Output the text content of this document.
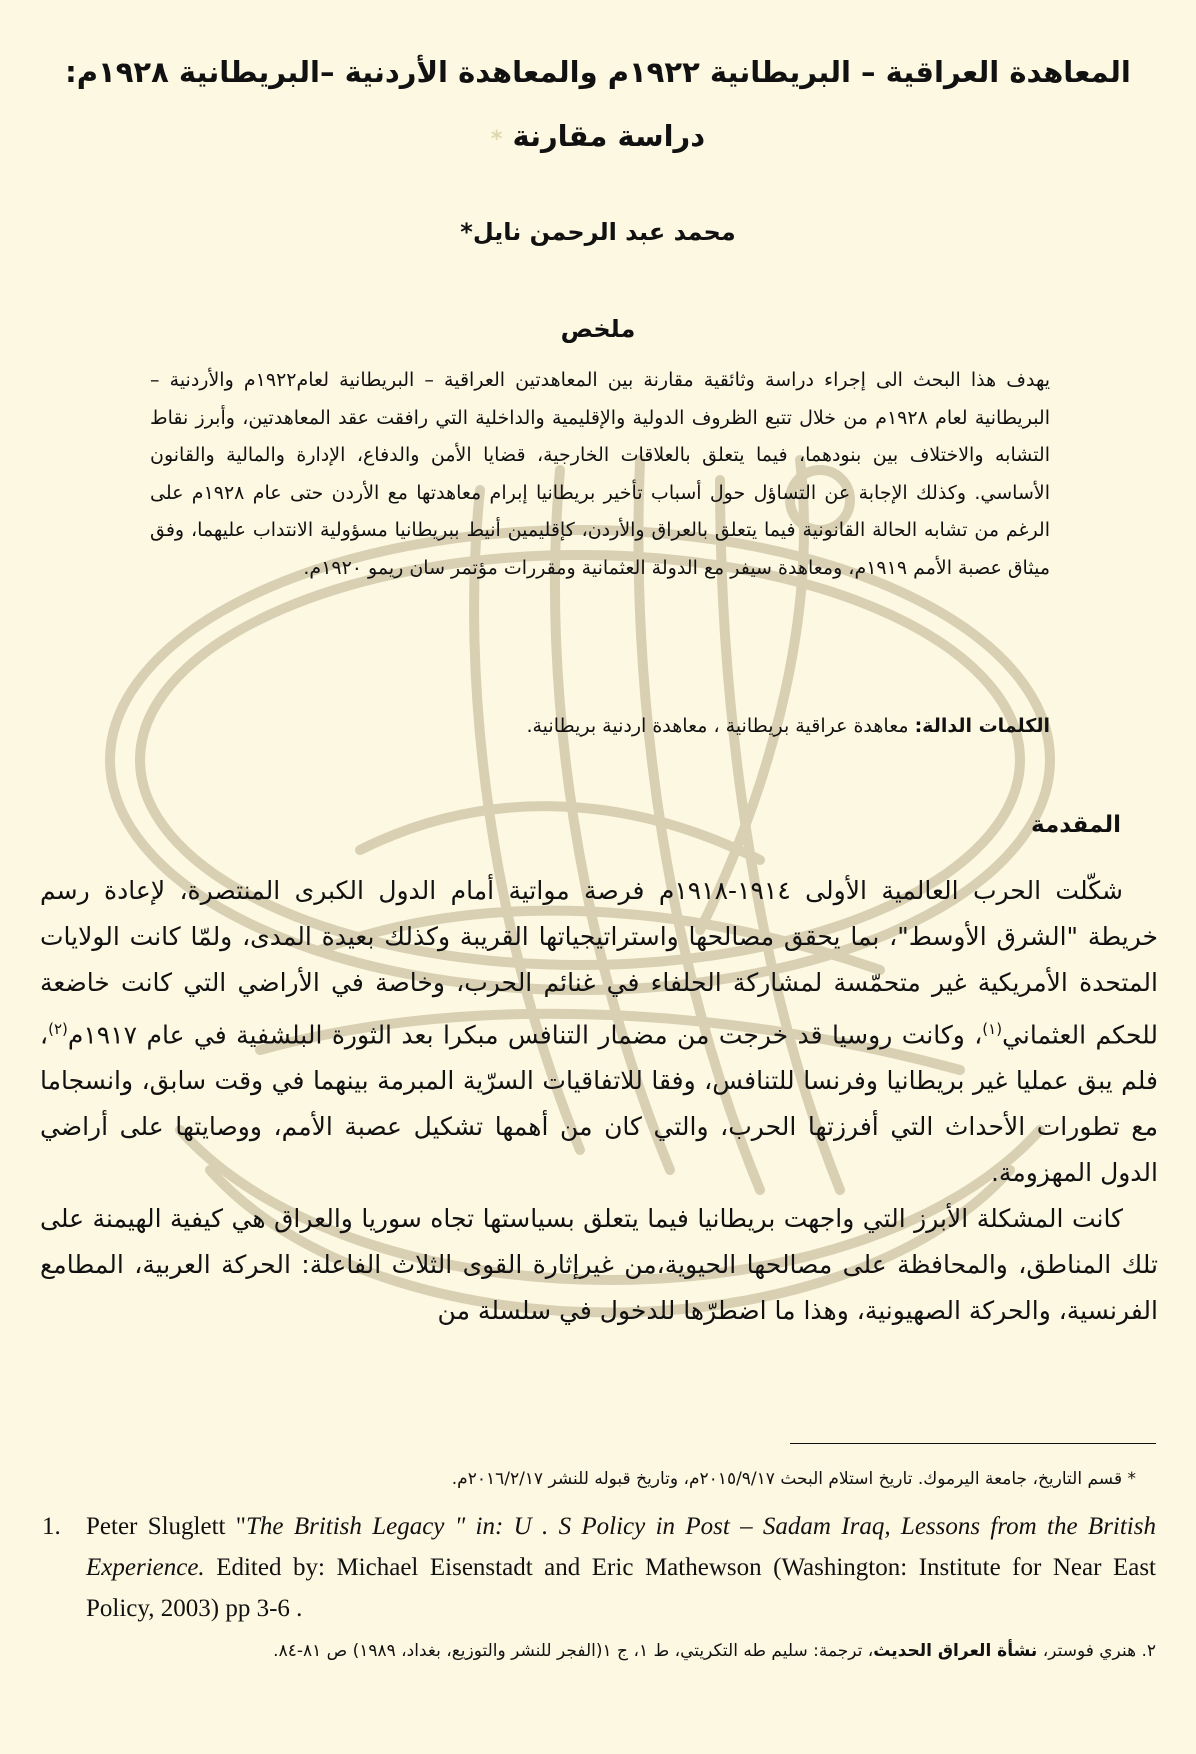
المعاهدة العراقية – البريطانية ١٩٢٢م والمعاهدة الأردنية –البريطانية ١٩٢٨م:
دراسة مقارنة *
محمد عبد الرحمن نايل*
ملخص
يهدف هذا البحث الى إجراء دراسة وثائقية مقارنة بين المعاهدتين العراقية – البريطانية لعام١٩٢٢م والأردنية – البريطانية لعام ١٩٢٨م من خلال تتبع الظروف الدولية والإقليمية والداخلية التي رافقت عقد المعاهدتين، وأبرز نقاط التشابه والاختلاف بين بنودهما، فيما يتعلق بالعلاقات الخارجية، قضايا الأمن والدفاع، الإدارة والمالية والقانون الأساسي. وكذلك الإجابة عن التساؤل حول أسباب تأخير بريطانيا إبرام معاهدتها مع الأردن حتى عام ١٩٢٨م على الرغم من تشابه الحالة القانونية فيما يتعلق بالعراق والأردن، كإقليمين أنيط ببريطانيا مسؤولية الانتداب عليهما، وفق ميثاق عصبة الأمم ١٩١٩م، ومعاهدة سيفر مع الدولة العثمانية ومقررات مؤتمر سان ريمو ١٩٢٠م.
الكلمات الدالة: معاهدة عراقية بريطانية ، معاهدة اردنية بريطانية.
المقدمة

شكّلت الحرب العالمية الأولى ١٩١٤-١٩١٨م فرصة مواتية أمام الدول الكبرى المنتصرة، لإعادة رسم خريطة "الشرق الأوسط"، بما يحقق مصالحها واستراتيجياتها القريبة وكذلك بعيدة المدى، ولمّا كانت الولايات المتحدة الأمريكية غير متحمّسة لمشاركة الحلفاء في غنائم الحرب، وخاصة في الأراضي التي كانت خاضعة للحكم العثماني$^{(١)}$، وكانت روسيا قد خرجت من مضمار التنافس مبكرا بعد الثورة البلشفية في عام ١٩١٧م$^{(٢)}$، فلم يبق عمليا غير بريطانيا وفرنسا للتنافس، وفقا للاتفاقيات السرّية المبرمة بينهما في وقت سابق، وانسجاما مع تطورات الأحداث التي أفرزتها الحرب، والتي كان من أهمها تشكيل عصبة الأمم، ووصايتها على أراضي الدول المهزومة.

كانت المشكلة الأبرز التي واجهت بريطانيا فيما يتعلق بسياستها تجاه سوريا والعراق هي كيفية الهيمنة على تلك المناطق، والمحافظة على مصالحها الحيوية،من غيرإثارة القوى الثلاث الفاعلة: الحركة العربية، المطامع الفرنسية، والحركة الصهيونية، وهذا ما اضطرّها للدخول في سلسلة من

* قسم التاريخ، جامعة اليرموك. تاريخ استلام البحث ٢٠١٥/٩/١٧م، وتاريخ قبوله للنشر ٢٠١٦/٢/١٧م.
1. Peter Sluglett "The British Legacy " in: U . S Policy in Post – Sadam Iraq, Lessons from the British Experience. Edited by: Michael Eisenstadt and Eric Mathewson (Washington: Institute for Near East Policy, 2003) pp 3-6 .
٢. هنري فوستر، نشأة العراق الحديث، ترجمة: سليم طه التكريتي، ط ١، ج ١(الفجر للنشر والتوزيع، بغداد، ١٩٨٩) ص ٨١-٨٤.
